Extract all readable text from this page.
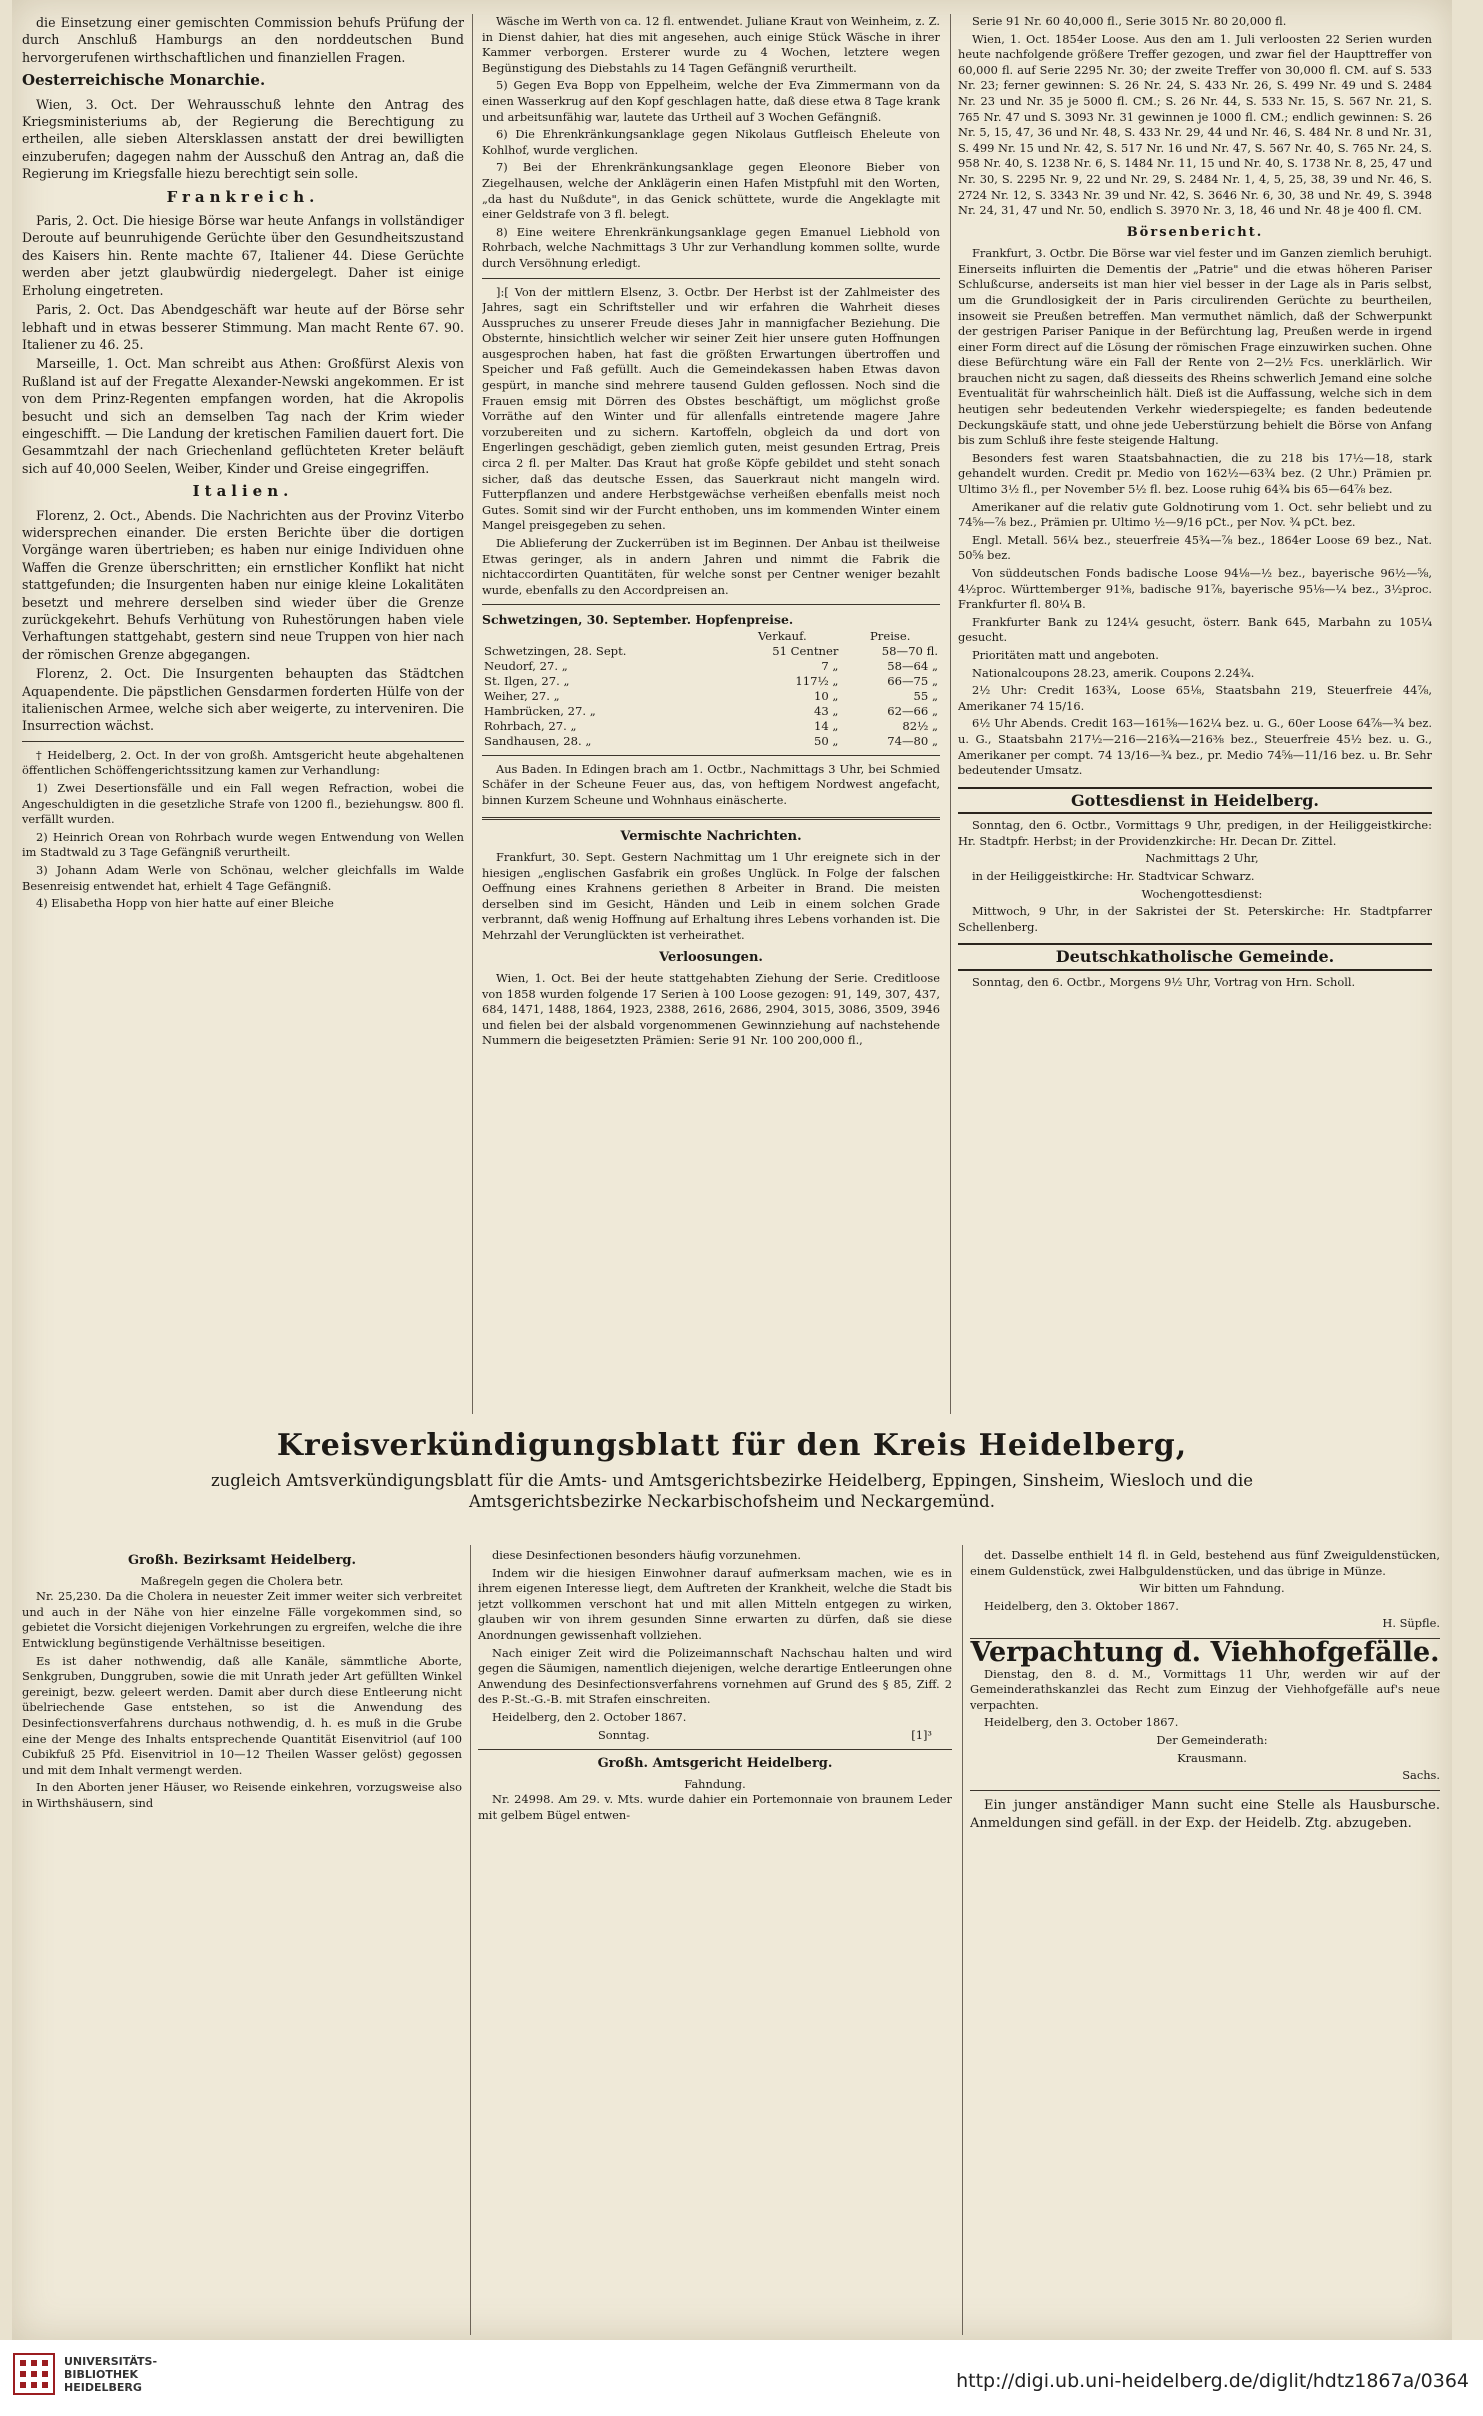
die Einsetzung einer gemischten Commission behufs Prüfung der durch Anschluß Hamburgs an den norddeutschen Bund hervorgerufenen wirthschaftlichen und finanziellen Fragen.

Oesterreichische Monarchie.

Wien, 3. Oct. Der Wehrausschuß lehnte den Antrag des Kriegsministeriums ab, der Regierung die Berechtigung zu ertheilen, alle sieben Altersklassen anstatt der drei bewilligten einzuberufen; dagegen nahm der Ausschuß den Antrag an, daß die Regierung im Kriegsfalle hiezu berechtigt sein solle.

Frankreich.

Paris, 2. Oct. Die hiesige Börse war heute Anfangs in vollständiger Deroute auf beunruhigende Gerüchte über den Gesundheitszustand des Kaisers hin. Rente machte 67, Italiener 44. Diese Gerüchte werden aber jetzt glaubwürdig niedergelegt. Daher ist einige Erholung eingetreten.

Paris, 2. Oct. Das Abendgeschäft war heute auf der Börse sehr lebhaft und in etwas besserer Stimmung. Man macht Rente 67. 90. Italiener zu 46. 25.

Marseille, 1. Oct. Man schreibt aus Athen: Großfürst Alexis von Rußland ist auf der Fregatte Alexander-Newski angekommen. Er ist von dem Prinz-Regenten empfangen worden, hat die Akropolis besucht und sich an demselben Tag nach der Krim wieder eingeschifft. — Die Landung der kretischen Familien dauert fort. Die Gesammtzahl der nach Griechenland geflüchteten Kreter beläuft sich auf 40,000 Seelen, Weiber, Kinder und Greise eingegriffen.

Italien.

Florenz, 2. Oct., Abends. Die Nachrichten aus der Provinz Viterbo widersprechen einander. Die ersten Berichte über die dortigen Vorgänge waren übertrieben; es haben nur einige Individuen ohne Waffen die Grenze überschritten; ein ernstlicher Konflikt hat nicht stattgefunden; die Insurgenten haben nur einige kleine Lokalitäten besetzt und mehrere derselben sind wieder über die Grenze zurückgekehrt. Behufs Verhütung von Ruhestörungen haben viele Verhaftungen stattgehabt, gestern sind neue Truppen von hier nach der römischen Grenze abgegangen.

Florenz, 2. Oct. Die Insurgenten behaupten das Städtchen Aquapendente. Die päpstlichen Gensdarmen forderten Hülfe von der italienischen Armee, welche sich aber weigerte, zu interveniren. Die Insurrection wächst.

† Heidelberg, 2. Oct. In der von großh. Amtsgericht heute abgehaltenen öffentlichen Schöffengerichtssitzung kamen zur Verhandlung:

1) Zwei Desertionsfälle und ein Fall wegen Refraction, wobei die Angeschuldigten in die gesetzliche Strafe von 1200 fl., beziehungsw. 800 fl. verfällt wurden.

2) Heinrich Orean von Rohrbach wurde wegen Entwendung von Wellen im Stadtwald zu 3 Tage Gefängniß verurtheilt.

3) Johann Adam Werle von Schönau, welcher gleichfalls im Walde Besenreisig entwendet hat, erhielt 4 Tage Gefängniß.

4) Elisabetha Hopp von hier hatte auf einer Bleiche

Wäsche im Werth von ca. 12 fl. entwendet. Juliane Kraut von Weinheim, z. Z. in Dienst dahier, hat dies mit angesehen, auch einige Stück Wäsche in ihrer Kammer verborgen. Ersterer wurde zu 4 Wochen, letztere wegen Begünstigung des Diebstahls zu 14 Tagen Gefängniß verurtheilt.

5) Gegen Eva Bopp von Eppelheim, welche der Eva Zimmermann von da einen Wasserkrug auf den Kopf geschlagen hatte, daß diese etwa 8 Tage krank und arbeitsunfähig war, lautete das Urtheil auf 3 Wochen Gefängniß.

6) Die Ehrenkränkungsanklage gegen Nikolaus Gutfleisch Eheleute von Kohlhof, wurde verglichen.

7) Bei der Ehrenkränkungsanklage gegen Eleonore Bieber von Ziegelhausen, welche der Anklägerin einen Hafen Mistpfuhl mit den Worten, „da hast du Nußdute", in das Genick schüttete, wurde die Angeklagte mit einer Geldstrafe von 3 fl. belegt.

8) Eine weitere Ehrenkränkungsanklage gegen Emanuel Liebhold von Rohrbach, welche Nachmittags 3 Uhr zur Verhandlung kommen sollte, wurde durch Versöhnung erledigt.

]:[ Von der mittlern Elsenz, 3. Octbr. Der Herbst ist der Zahlmeister des Jahres, sagt ein Schriftsteller und wir erfahren die Wahrheit dieses Ausspruches zu unserer Freude dieses Jahr in mannigfacher Beziehung. Die Obsternte, hinsichtlich welcher wir seiner Zeit hier unsere guten Hoffnungen ausgesprochen haben, hat fast die größten Erwartungen übertroffen und Speicher und Faß gefüllt. Auch die Gemeindekassen haben Etwas davon gespürt, in manche sind mehrere tausend Gulden geflossen. Noch sind die Frauen emsig mit Dörren des Obstes beschäftigt, um möglichst große Vorräthe auf den Winter und für allenfalls eintretende magere Jahre vorzubereiten und zu sichern. Kartoffeln, obgleich da und dort von Engerlingen geschädigt, geben ziemlich guten, meist gesunden Ertrag, Preis circa 2 fl. per Malter. Das Kraut hat große Köpfe gebildet und steht sonach sicher, daß das deutsche Essen, das Sauerkraut nicht mangeln wird. Futterpflanzen und andere Herbstgewächse verheißen ebenfalls meist noch Gutes. Somit sind wir der Furcht enthoben, uns im kommenden Winter einem Mangel preisgegeben zu sehen.

Die Ablieferung der Zuckerrüben ist im Beginnen. Der Anbau ist theilweise Etwas geringer, als in andern Jahren und nimmt die Fabrik die nichtaccordirten Quantitäten, für welche sonst per Centner weniger bezahlt wurde, ebenfalls zu den Accordpreisen an.

Schwetzingen, 30. September. Hopfenpreise.
	Verkauf.	Preise.
Schwetzingen, 28. Sept.	51 Centner	58—70 fl.
Neudorf, 27. „	7 „	58—64 „
St. Ilgen, 27. „	117½ „	66—75 „
Weiher, 27. „	10 „	55 „
Hambrücken, 27. „	43 „	62—66 „
Rohrbach, 27. „	14 „	82½ „
Sandhausen, 28. „	50 „	74—80 „

Aus Baden. In Edingen brach am 1. Octbr., Nachmittags 3 Uhr, bei Schmied Schäfer in der Scheune Feuer aus, das, von heftigem Nordwest angefacht, binnen Kurzem Scheune und Wohnhaus einäscherte.

Vermischte Nachrichten.

Frankfurt, 30. Sept. Gestern Nachmittag um 1 Uhr ereignete sich in der hiesigen „englischen Gasfabrik ein großes Unglück. In Folge der falschen Oeffnung eines Krahnens geriethen 8 Arbeiter in Brand. Die meisten derselben sind im Gesicht, Händen und Leib in einem solchen Grade verbrannt, daß wenig Hoffnung auf Erhaltung ihres Lebens vorhanden ist. Die Mehrzahl der Verunglückten ist verheirathet.

Verloosungen.

Wien, 1. Oct. Bei der heute stattgehabten Ziehung der Serie. Creditloose von 1858 wurden folgende 17 Serien à 100 Loose gezogen: 91, 149, 307, 437, 684, 1471, 1488, 1864, 1923, 2388, 2616, 2686, 2904, 3015, 3086, 3509, 3946 und fielen bei der alsbald vorgenommenen Gewinnziehung auf nachstehende Nummern die beigesetzten Prämien: Serie 91 Nr. 100 200,000 fl.,

Serie 91 Nr. 60 40,000 fl., Serie 3015 Nr. 80 20,000 fl.

Wien, 1. Oct. 1854er Loose. Aus den am 1. Juli verloosten 22 Serien wurden heute nachfolgende größere Treffer gezogen, und zwar fiel der Haupttreffer von 60,000 fl. auf Serie 2295 Nr. 30; der zweite Treffer von 30,000 fl. CM. auf S. 533 Nr. 23; ferner gewinnen: S. 26 Nr. 24, S. 433 Nr. 26, S. 499 Nr. 49 und S. 2484 Nr. 23 und Nr. 35 je 5000 fl. CM.; S. 26 Nr. 44, S. 533 Nr. 15, S. 567 Nr. 21, S. 765 Nr. 47 und S. 3093 Nr. 31 gewinnen je 1000 fl. CM.; endlich gewinnen: S. 26 Nr. 5, 15, 47, 36 und Nr. 48, S. 433 Nr. 29, 44 und Nr. 46, S. 484 Nr. 8 und Nr. 31, S. 499 Nr. 15 und Nr. 42, S. 517 Nr. 16 und Nr. 47, S. 567 Nr. 40, S. 765 Nr. 24, S. 958 Nr. 40, S. 1238 Nr. 6, S. 1484 Nr. 11, 15 und Nr. 40, S. 1738 Nr. 8, 25, 47 und Nr. 30, S. 2295 Nr. 9, 22 und Nr. 29, S. 2484 Nr. 1, 4, 5, 25, 38, 39 und Nr. 46, S. 2724 Nr. 12, S. 3343 Nr. 39 und Nr. 42, S. 3646 Nr. 6, 30, 38 und Nr. 49, S. 3948 Nr. 24, 31, 47 und Nr. 50, endlich S. 3970 Nr. 3, 18, 46 und Nr. 48 je 400 fl. CM.

Börsenbericht.

Frankfurt, 3. Octbr. Die Börse war viel fester und im Ganzen ziemlich beruhigt. Einerseits influirten die Dementis der „Patrie" und die etwas höheren Pariser Schlußcurse, anderseits ist man hier viel besser in der Lage als in Paris selbst, um die Grundlosigkeit der in Paris circulirenden Gerüchte zu beurtheilen, insoweit sie Preußen betreffen. Man vermuthet nämlich, daß der Schwerpunkt der gestrigen Pariser Panique in der Befürchtung lag, Preußen werde in irgend einer Form direct auf die Lösung der römischen Frage einzuwirken suchen. Ohne diese Befürchtung wäre ein Fall der Rente von 2—2½ Fcs. unerklärlich. Wir brauchen nicht zu sagen, daß diesseits des Rheins schwerlich Jemand eine solche Eventualität für wahrscheinlich hält. Dieß ist die Auffassung, welche sich in dem heutigen sehr bedeutenden Verkehr wiederspiegelte; es fanden bedeutende Deckungskäufe statt, und ohne jede Ueberstürzung behielt die Börse von Anfang bis zum Schluß ihre feste steigende Haltung.

Besonders fest waren Staatsbahnactien, die zu 218 bis 17½—18, stark gehandelt wurden. Credit pr. Medio von 162½—63¾ bez. (2 Uhr.) Prämien pr. Ultimo 3½ fl., per November 5½ fl. bez. Loose ruhig 64¾ bis 65—64⅞ bez.

Amerikaner auf die relativ gute Goldnotirung vom 1. Oct. sehr beliebt und zu 74⅝—⅞ bez., Prämien pr. Ultimo ½—9/16 pCt., per Nov. ¾ pCt. bez.

Engl. Metall. 56¼ bez., steuerfreie 45¾—⅞ bez., 1864er Loose 69 bez., Nat. 50⅝ bez.

Von süddeutschen Fonds badische Loose 94⅛—½ bez., bayerische 96½—⅝, 4½proc. Württemberger 91⅜, badische 91⅞, bayerische 95⅛—¼ bez., 3½proc. Frankfurter fl. 80¼ B.

Frankfurter Bank zu 124¼ gesucht, österr. Bank 645, Marbahn zu 105¼ gesucht.

Prioritäten matt und angeboten.

Nationalcoupons 28.23, amerik. Coupons 2.24¾.

2½ Uhr: Credit 163¾, Loose 65⅛, Staatsbahn 219, Steuerfreie 44⅞, Amerikaner 74 15/16.

6½ Uhr Abends. Credit 163—161⅝—162¼ bez. u. G., 60er Loose 64⅞—¾ bez. u. G., Staatsbahn 217½—216—216¾—216⅜ bez., Steuerfreie 45½ bez. u. G., Amerikaner per compt. 74 13/16—¾ bez., pr. Medio 74⅝—11/16 bez. u. Br. Sehr bedeutender Umsatz.

Gottesdienst in Heidelberg.

Sonntag, den 6. Octbr., Vormittags 9 Uhr, predigen, in der Heiliggeistkirche: Hr. Stadtpfr. Herbst; in der Providenzkirche: Hr. Decan Dr. Zittel.

Nachmittags 2 Uhr,

in der Heiliggeistkirche: Hr. Stadtvicar Schwarz.

Wochengottesdienst:

Mittwoch, 9 Uhr, in der Sakristei der St. Peterskirche: Hr. Stadtpfarrer Schellenberg.

Deutschkatholische Gemeinde.

Sonntag, den 6. Octbr., Morgens 9½ Uhr, Vortrag von Hrn. Scholl.

Kreisverkündigungsblatt für den Kreis Heidelberg,
zugleich Amtsverkündigungsblatt für die Amts- und Amtsgerichtsbezirke Heidelberg, Eppingen, Sinsheim, Wiesloch und die
Amtsgerichtsbezirke Neckarbischofsheim und Neckargemünd.
Großh. Bezirksamt Heidelberg.
Maßregeln gegen die Cholera betr.

Nr. 25,230. Da die Cholera in neuester Zeit immer weiter sich verbreitet und auch in der Nähe von hier einzelne Fälle vorgekommen sind, so gebietet die Vorsicht diejenigen Vorkehrungen zu ergreifen, welche die ihre Entwicklung begünstigende Verhältnisse beseitigen.

Es ist daher nothwendig, daß alle Kanäle, sämmtliche Aborte, Senkgruben, Dunggruben, sowie die mit Unrath jeder Art gefüllten Winkel gereinigt, bezw. geleert werden. Damit aber durch diese Entleerung nicht übelriechende Gase entstehen, so ist die Anwendung des Desinfectionsverfahrens durchaus nothwendig, d. h. es muß in die Grube eine der Menge des Inhalts entsprechende Quantität Eisenvitriol (auf 100 Cubikfuß 25 Pfd. Eisenvitriol in 10—12 Theilen Wasser gelöst) gegossen und mit dem Inhalt vermengt werden.

In den Aborten jener Häuser, wo Reisende einkehren, vorzugsweise also in Wirthshäusern, sind

diese Desinfectionen besonders häufig vorzunehmen.

Indem wir die hiesigen Einwohner darauf aufmerksam machen, wie es in ihrem eigenen Interesse liegt, dem Auftreten der Krankheit, welche die Stadt bis jetzt vollkommen verschont hat und mit allen Mitteln entgegen zu wirken, glauben wir von ihrem gesunden Sinne erwarten zu dürfen, daß sie diese Anordnungen gewissenhaft vollziehen.

Nach einiger Zeit wird die Polizeimannschaft Nachschau halten und wird gegen die Säumigen, namentlich diejenigen, welche derartige Entleerungen ohne Anwendung des Desinfectionsverfahrens vornehmen auf Grund des § 85, Ziff. 2 des P.-St.-G.-B. mit Strafen einschreiten.

Heidelberg, den 2. October 1867.

Sonntag.	[1]³
Großh. Amtsgericht Heidelberg.
Fahndung.

Nr. 24998. Am 29. v. Mts. wurde dahier ein Portemonnaie von braunem Leder mit gelbem Bügel entwen-

det. Dasselbe enthielt 14 fl. in Geld, bestehend aus fünf Zweiguldenstücken, einem Guldenstück, zwei Halbguldenstücken, und das übrige in Münze.

Wir bitten um Fahndung.

Heidelberg, den 3. Oktober 1867.

H. Süpfle.

Verpachtung d. Viehhofgefälle.

Dienstag, den 8. d. M., Vormittags 11 Uhr, werden wir auf der Gemeinderathskanzlei das Recht zum Einzug der Viehhofgefälle auf's neue verpachten.

Heidelberg, den 3. October 1867.

Der Gemeinderath:

Krausmann.

Sachs.

Ein junger anständiger Mann sucht eine Stelle als Hausbursche. Anmeldungen sind gefäll. in der Exp. der Heidelb. Ztg. abzugeben.

UNIVERSITÄTS-
BIBLIOTHEK
HEIDELBERG	http://digi.ub.uni-heidelberg.de/diglit/hdtz1867a/0364
